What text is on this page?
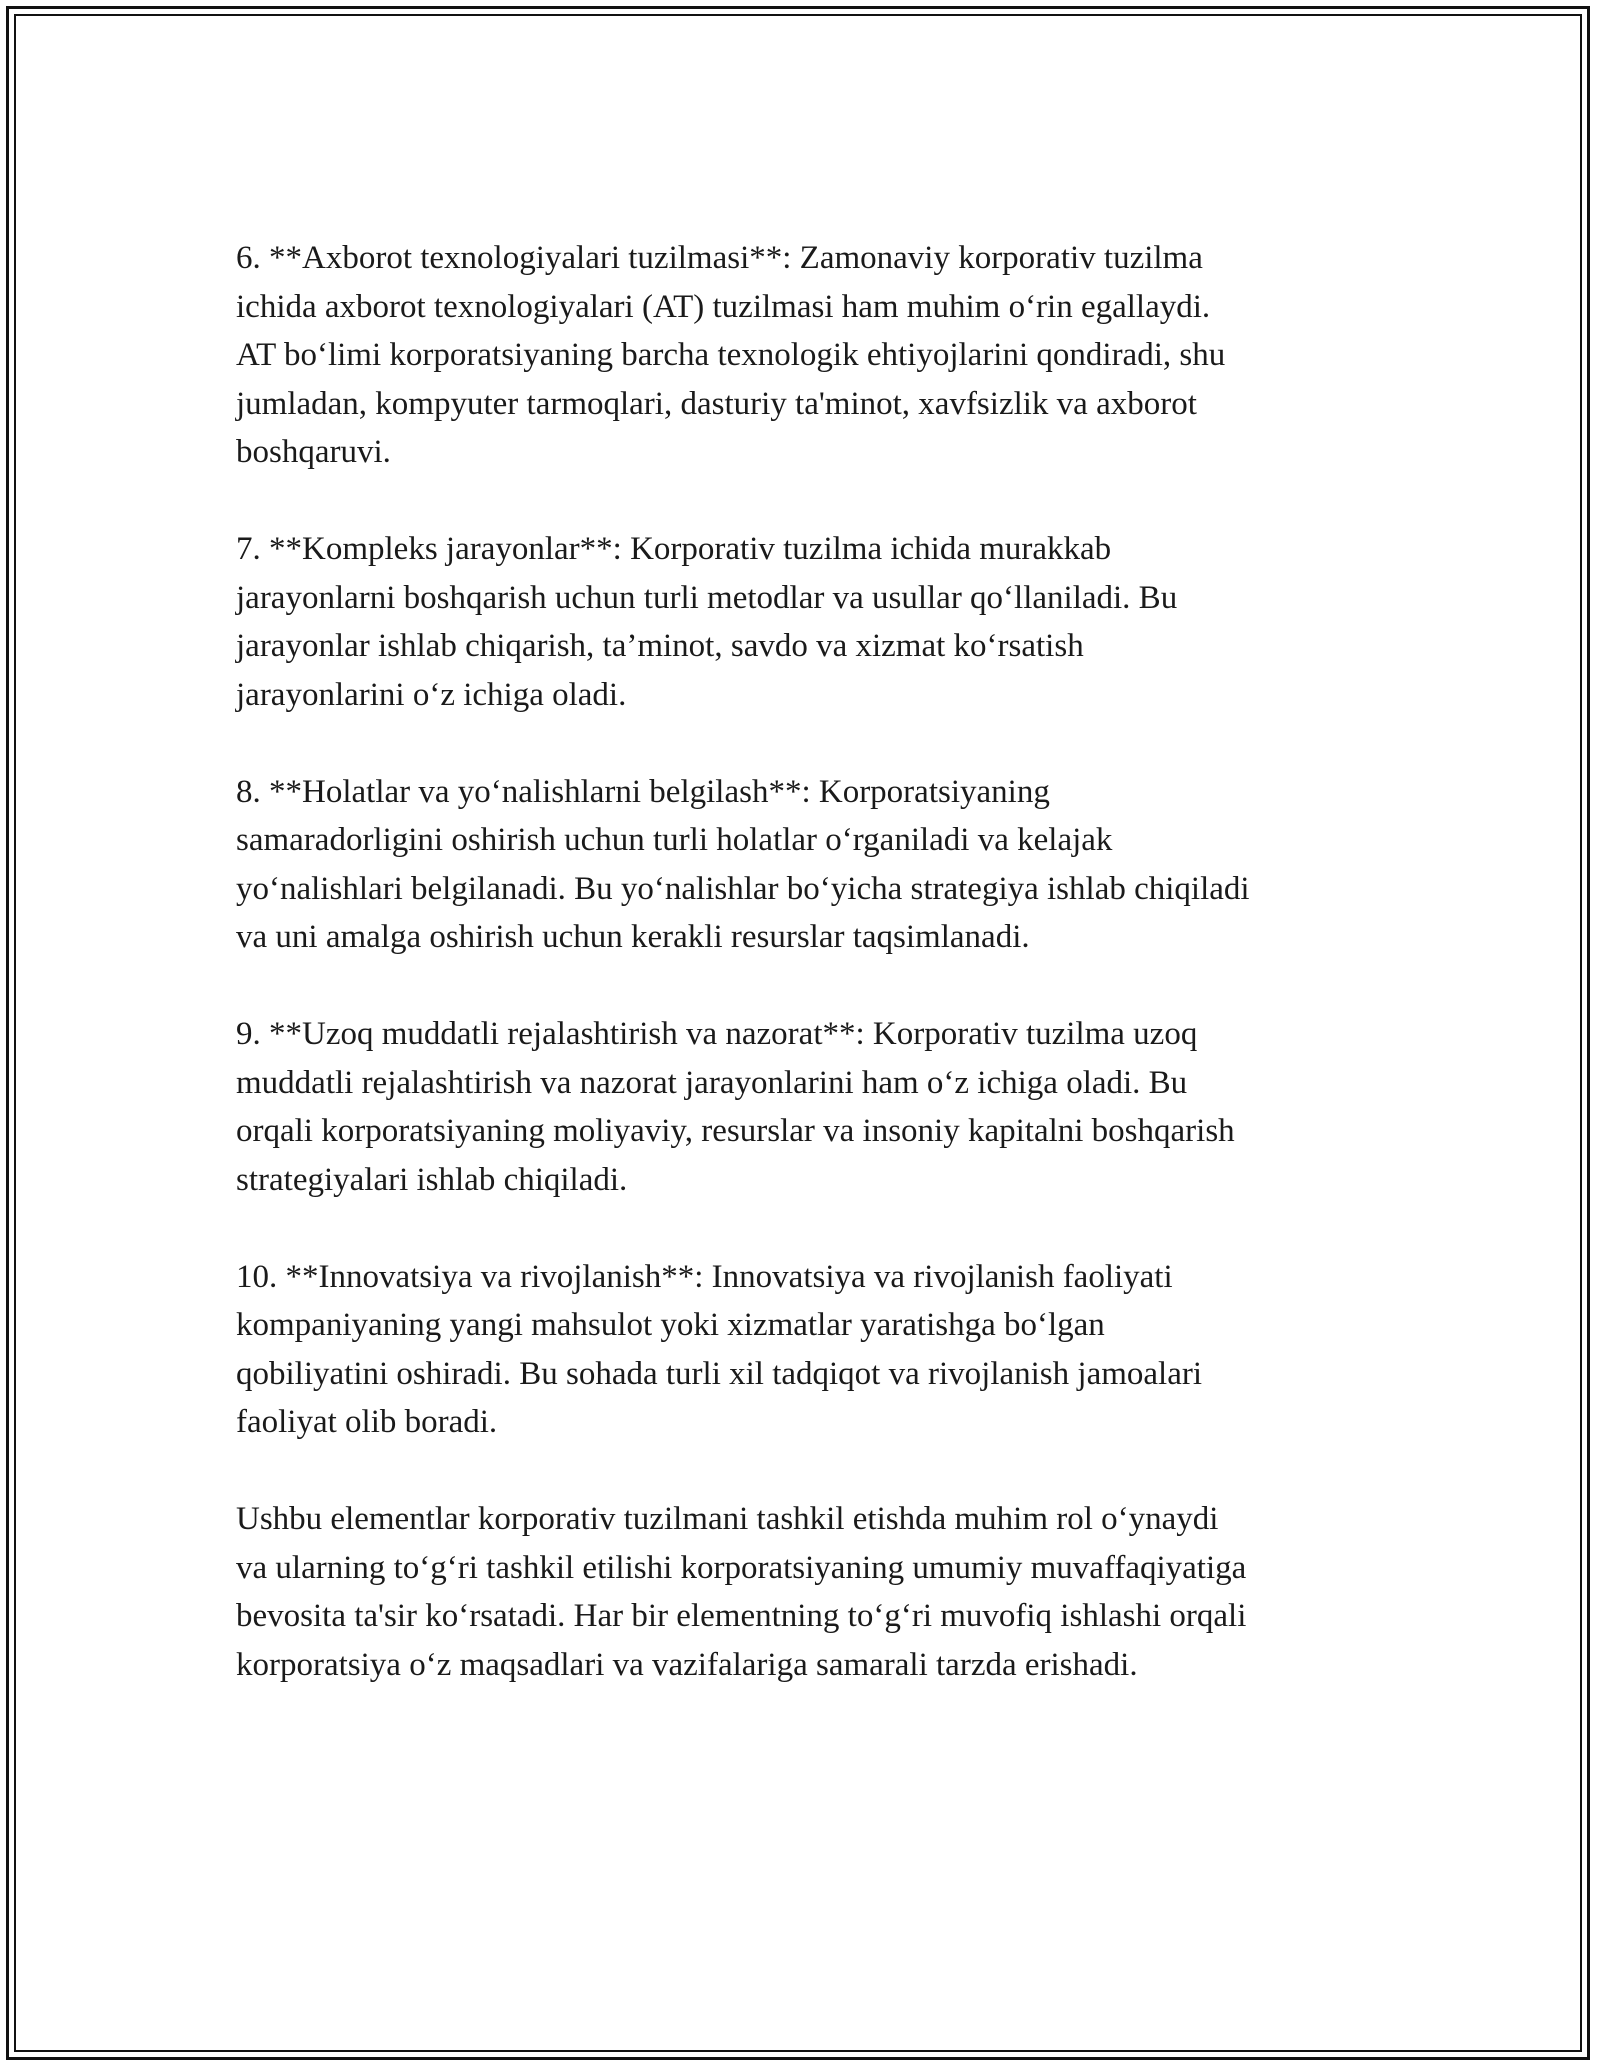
6. **Axborot texnologiyalari tuzilmasi**: Zamonaviy korporativ tuzilma
ichida axborot texnologiyalari (AT) tuzilmasi ham muhim o‘rin egallaydi.
AT bo‘limi korporatsiyaning barcha texnologik ehtiyojlarini qondiradi, shu
jumladan, kompyuter tarmoqlari, dasturiy ta'minot, xavfsizlik va axborot
boshqaruvi.

7. **Kompleks jarayonlar**: Korporativ tuzilma ichida murakkab
jarayonlarni boshqarish uchun turli metodlar va usullar qo‘llaniladi. Bu
jarayonlar ishlab chiqarish, ta’minot, savdo va xizmat ko‘rsatish
jarayonlarini o‘z ichiga oladi.

8. **Holatlar va yo‘nalishlarni belgilash**: Korporatsiyaning
samaradorligini oshirish uchun turli holatlar o‘rganiladi va kelajak
yo‘nalishlari belgilanadi. Bu yo‘nalishlar bo‘yicha strategiya ishlab chiqiladi
va uni amalga oshirish uchun kerakli resurslar taqsimlanadi.

9. **Uzoq muddatli rejalashtirish va nazorat**: Korporativ tuzilma uzoq
muddatli rejalashtirish va nazorat jarayonlarini ham o‘z ichiga oladi. Bu
orqali korporatsiyaning moliyaviy, resurslar va insoniy kapitalni boshqarish
strategiyalari ishlab chiqiladi.

10. **Innovatsiya va rivojlanish**: Innovatsiya va rivojlanish faoliyati
kompaniyaning yangi mahsulot yoki xizmatlar yaratishga bo‘lgan
qobiliyatini oshiradi. Bu sohada turli xil tadqiqot va rivojlanish jamoalari
faoliyat olib boradi.

Ushbu elementlar korporativ tuzilmani tashkil etishda muhim rol o‘ynaydi
va ularning to‘g‘ri tashkil etilishi korporatsiyaning umumiy muvaffaqiyatiga
bevosita ta'sir ko‘rsatadi. Har bir elementning to‘g‘ri muvofiq ishlashi orqali
korporatsiya o‘z maqsadlari va vazifalariga samarali tarzda erishadi.
